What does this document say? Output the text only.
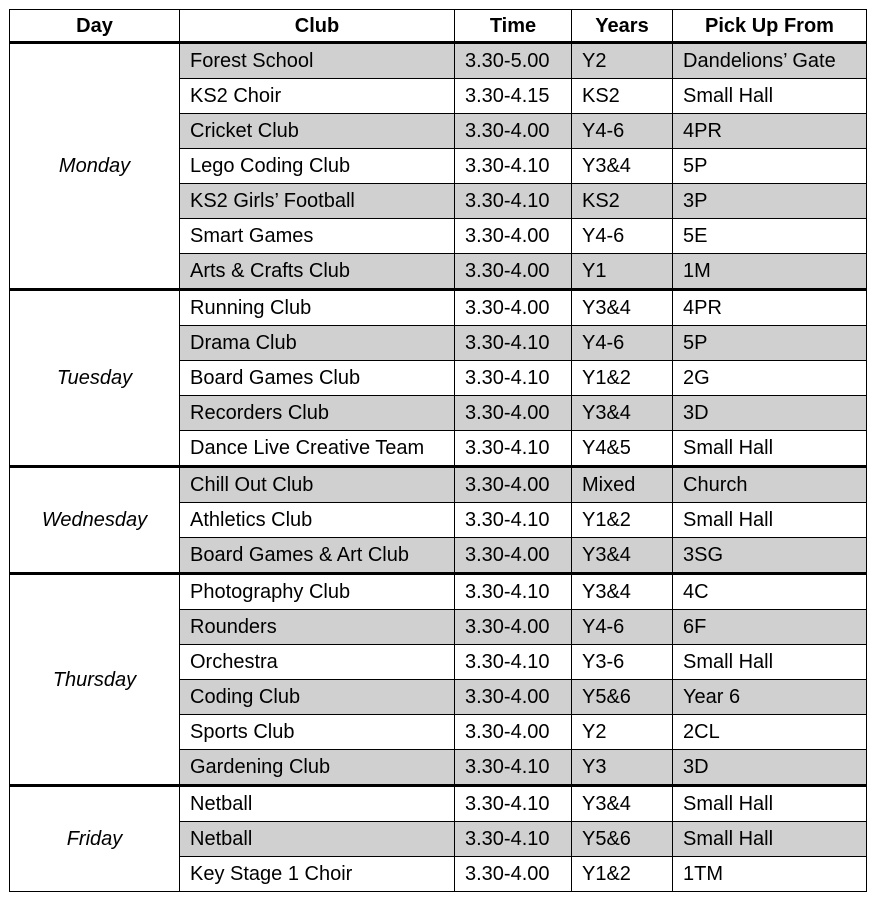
Day	Club	Time	Years	Pick Up From
Monday	Forest School	3.30-5.00	Y2	Dandelions’ Gate
	KS2 Choir	3.30-4.15	KS2	Small Hall
	Cricket Club	3.30-4.00	Y4-6	4PR
	Lego Coding Club	3.30-4.10	Y3&4	5P
	KS2 Girls’ Football	3.30-4.10	KS2	3P
	Smart Games	3.30-4.00	Y4-6	5E
	Arts & Crafts Club	3.30-4.00	Y1	1M
Tuesday	Running Club	3.30-4.00	Y3&4	4PR
	Drama Club	3.30-4.10	Y4-6	5P
	Board Games Club	3.30-4.10	Y1&2	2G
	Recorders Club	3.30-4.00	Y3&4	3D
	Dance Live Creative Team	3.30-4.10	Y4&5	Small Hall
Wednesday	Chill Out Club	3.30-4.00	Mixed	Church
	Athletics Club	3.30-4.10	Y1&2	Small Hall
	Board Games & Art Club	3.30-4.00	Y3&4	3SG
Thursday	Photography Club	3.30-4.10	Y3&4	4C
	Rounders	3.30-4.00	Y4-6	6F
	Orchestra	3.30-4.10	Y3-6	Small Hall
	Coding Club	3.30-4.00	Y5&6	Year 6
	Sports Club	3.30-4.00	Y2	2CL
	Gardening Club	3.30-4.10	Y3	3D
Friday	Netball	3.30-4.10	Y3&4	Small Hall
	Netball	3.30-4.10	Y5&6	Small Hall
	Key Stage 1 Choir	3.30-4.00	Y1&2	1TM
